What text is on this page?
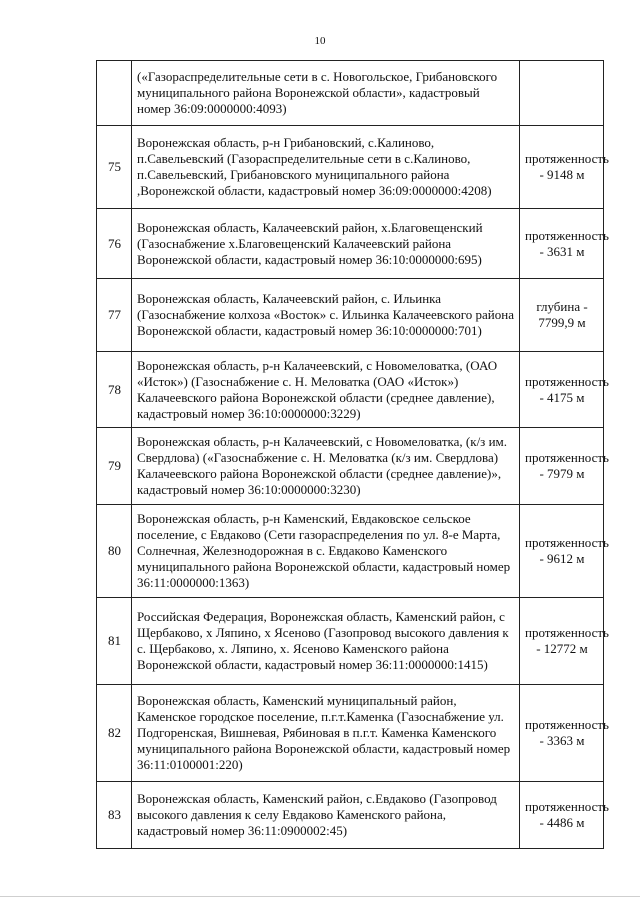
10
	(«Газораспределительные сети в с. Новогольское, Грибановского муниципального района Воронежской области», кадастровый номер 36:09:0000000:4093)	
75	Воронежская область, р-н Грибановский, с.Калиново, п.Савельевский (Газораспределительные сети в с.Калиново, п.Савельевский, Грибановского муниципального района ,Воронежской области, кадастровый номер 36:09:0000000:4208)	протяженность - 9148 м
76	Воронежская область, Калачеевский район, х.Благовещенский (Газоснабжение х.Благовещенский Калачеевский района Воронежской области, кадастровый номер 36:10:0000000:695)	протяженность - 3631 м
77	Воронежская область, Калачеевский район, с. Ильинка (Газоснабжение колхоза «Восток» с. Ильинка Калачеевского района Воронежской области, кадастровый номер 36:10:0000000:701)	глубина - 7799,9 м
78	Воронежская область, р-н Калачеевский, с Новомеловатка, (ОАО «Исток») (Газоснабжение с. Н. Меловатка (ОАО «Исток») Калачеевского района Воронежской области (среднее давление), кадастровый номер 36:10:0000000:3229)	протяженность - 4175 м
79	Воронежская область, р-н Калачеевский, с Новомеловатка, (к/з им. Свердлова) («Газоснабжение с. Н. Меловатка (к/з им. Свердлова) Калачеевского района Воронежской области (среднее давление)», кадастровый номер 36:10:0000000:3230)	протяженность - 7979 м
80	Воронежская область, р-н Каменский, Евдаковское сельское поселение, с Евдаково (Сети газораспределения по ул. 8-е Марта, Солнечная, Железнодорожная в с. Евдаково Каменского муниципального района Воронежской области, кадастровый номер 36:11:0000000:1363)	протяженность - 9612 м
81	Российская Федерация, Воронежская область, Каменский район, с Щербаково, х Ляпино, х Ясеново (Газопровод высокого давления к с. Щербаково, х. Ляпино, х. Ясеново Каменского района Воронежской области, кадастровый номер 36:11:0000000:1415)	протяженность - 12772 м
82	Воронежская область, Каменский муниципальный район, Каменское городское поселение, п.г.т.Каменка (Газоснабжение ул. Подгоренская, Вишневая, Рябиновая в п.г.т. Каменка Каменского муниципального района Воронежской области, кадастровый номер 36:11:0100001:220)	протяженность - 3363 м
83	Воронежская область, Каменский район, с.Евдаково (Газопровод высокого давления к селу Евдаково Каменского района, кадастровый номер 36:11:0900002:45)	протяженность - 4486 м
